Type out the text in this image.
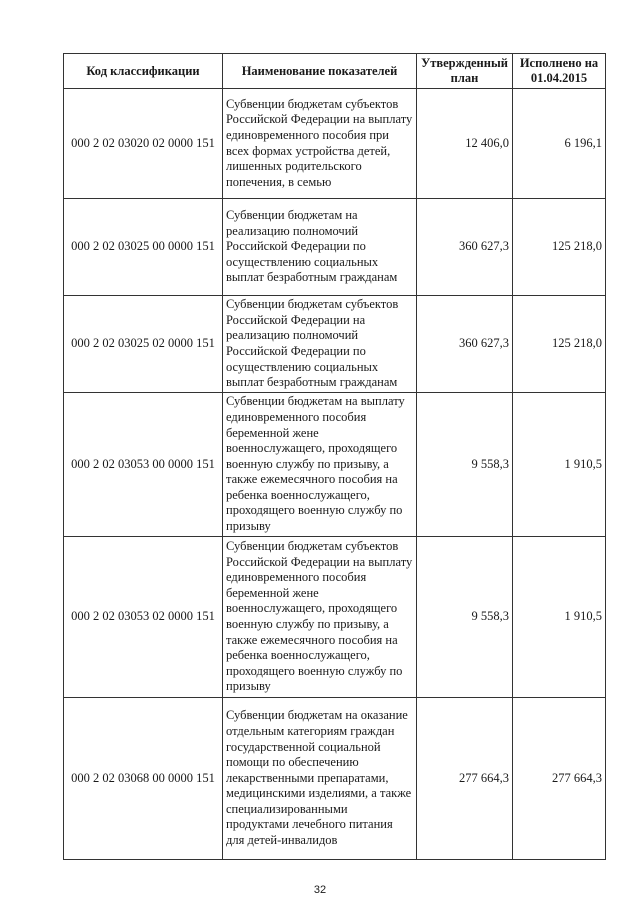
Код классификации	Наименование показателей	Утвержденный план	Исполнено на 01.04.2015
000 2 02 03020 02 0000 151	Субвенции бюджетам субъектов Российской Федерации на выплату единовременного пособия при всех формах устройства детей, лишенных родительского попечения, в семью	12 406,0	6 196,1
000 2 02 03025 00 0000 151	Субвенции бюджетам на реализацию полномочий Российской Федерации по осуществлению социальных выплат безработным гражданам	360 627,3	125 218,0
000 2 02 03025 02 0000 151	Субвенции бюджетам субъектов Российской Федерации на реализацию полномочий Российской Федерации по осуществлению социальных выплат безработным гражданам	360 627,3	125 218,0
000 2 02 03053 00 0000 151	Субвенции бюджетам на выплату единовременного пособия беременной жене военнослужащего, проходящего военную службу по призыву, а также ежемесячного пособия на ребенка военнослужащего, проходящего военную службу по призыву	9 558,3	1 910,5
000 2 02 03053 02 0000 151	Субвенции бюджетам субъектов Российской Федерации на выплату единовременного пособия беременной жене военнослужащего, проходящего военную службу по призыву, а также ежемесячного пособия на ребенка военнослужащего, проходящего военную службу по призыву	9 558,3	1 910,5
000 2 02 03068 00 0000 151	Субвенции бюджетам на оказание отдельным категориям граждан государственной социальной помощи по обеспечению лекарственными препаратами, медицинскими изделиями, а также специализированными продуктами лечебного питания для детей-инвалидов	277 664,3	277 664,3
32
